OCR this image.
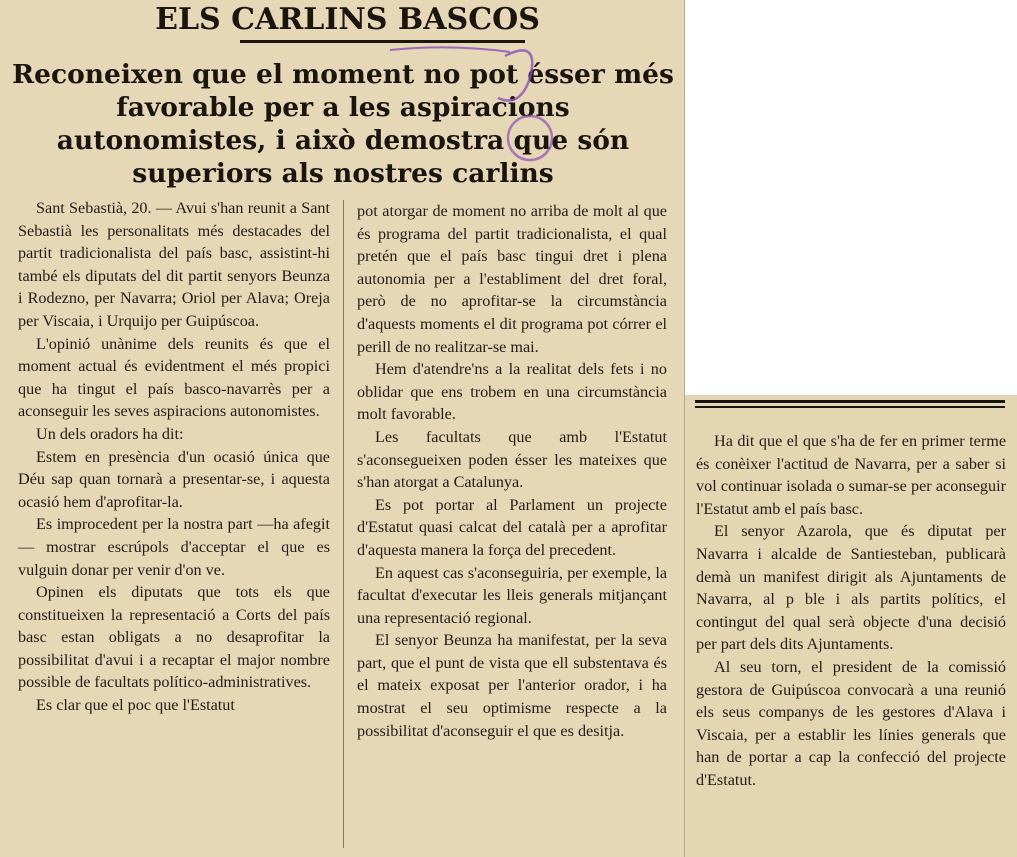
ELS CARLINS BASCOS
Reconeixen que el moment no pot ésser més favorable per a les aspiracions autonomistes, i això demostra que són superiors als nostres carlins

Sant Sebastià, 20. — Avui s'han reunit a Sant Sebastià les personalitats més destacades del partit tradicionalista del país basc, assistint-hi també els diputats del dit partit senyors Beunza i Rodezno, per Navarra; Oriol per Alava; Oreja per Viscaia, i Urquijo per Guipúscoa.

L'opinió unànime dels reunits és que el moment actual és evidentment el més propici que ha tingut el país basco-navarrès per a aconseguir les seves aspiracions autonomistes.

Un dels oradors ha dit:

Estem en presència d'un ocasió única que Déu sap quan tornarà a presentar-se, i aquesta ocasió hem d'aprofitar-la.

Es improcedent per la nostra part —ha afegit— mostrar escrúpols d'acceptar el que es vulguin donar per venir d'on ve.

Opinen els diputats que tots els que constitueixen la representació a Corts del país basc estan obligats a no desaprofitar la possibilitat d'avui i a recaptar el major nombre possible de facultats político-administratives.

Es clar que el poc que l'Estatut

pot atorgar de moment no arriba de molt al que és programa del partit tradicionalista, el qual pretén que el país basc tingui dret i plena autonomia per a l'establiment del dret foral, però de no aprofitar-se la circumstància d'aquests moments el dit programa pot córrer el perill de no realitzar-se mai.

Hem d'atendre'ns a la realitat dels fets i no oblidar que ens trobem en una circumstància molt favorable.

Les facultats que amb l'Estatut s'aconsegueixen poden ésser les mateixes que s'han atorgat a Catalunya.

Es pot portar al Parlament un projecte d'Estatut quasi calcat del català per a aprofitar d'aquesta manera la força del precedent.

En aquest cas s'aconseguiria, per exemple, la facultat d'executar les lleis generals mitjançant una representació regional.

El senyor Beunza ha manifestat, per la seva part, que el punt de vista que ell substentava és el mateix exposat per l'anterior orador, i ha mostrat el seu optimisme respecte a la possibilitat d'aconseguir el que es desitja.

Ha dit que el que s'ha de fer en primer terme és conèixer l'actitud de Navarra, per a saber si vol continuar isolada o sumar-se per aconseguir l'Estatut amb el país basc.

El senyor Azarola, que és diputat per Navarra i alcalde de Santiesteban, publicarà demà un manifest dirigit als Ajuntaments de Navarra, al p ble i als partits polítics, el contingut del qual serà objecte d'una decisió per part dels dits Ajuntaments.

Al seu torn, el president de la comissió gestora de Guipúscoa convocarà a una reunió els seus companys de les gestores d'Alava i Viscaia, per a establir les línies generals que han de portar a cap la confecció del projecte d'Estatut.
